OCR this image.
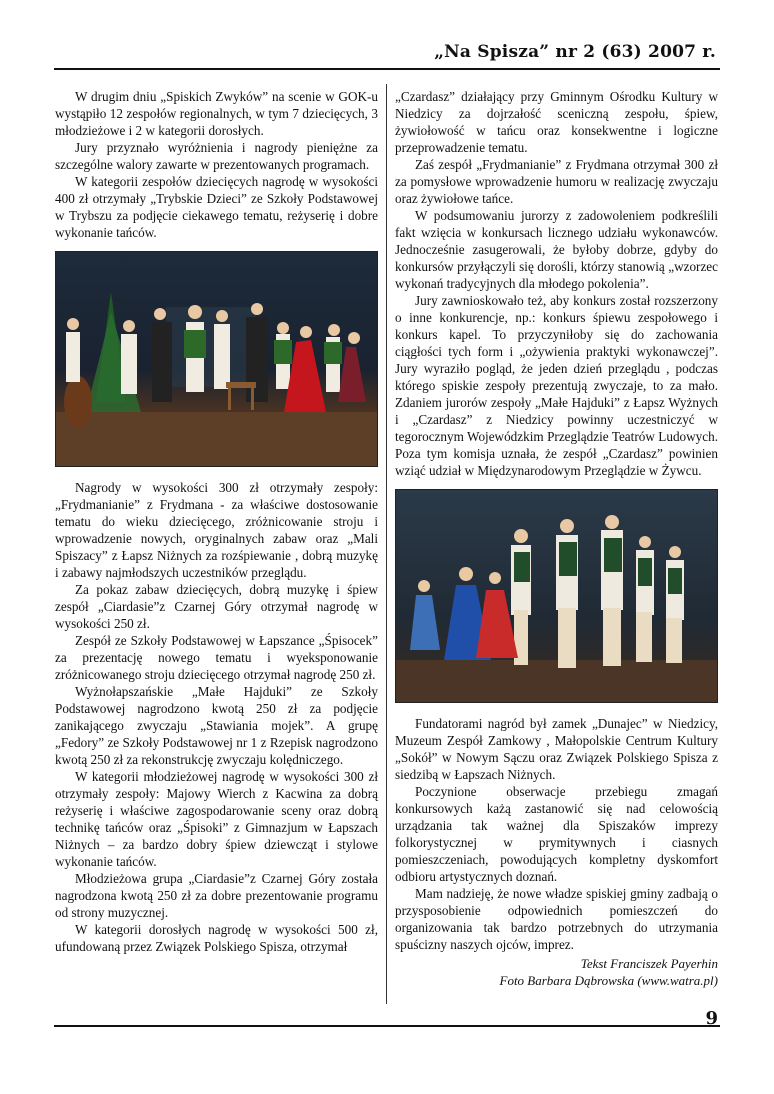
„Na Spisza” nr 2 (63) 2007 r.

W drugim dniu „Spiskich Zwyków” na scenie w GOK-u wystąpiło 12 zespołów regionalnych, w tym 7 dziecięcych, 3 młodzieżowe i 2 w kategorii dorosłych.

Jury przyznało wyróżnienia i nagrody pieniężne za szczególne walory zawarte w prezentowanych programach.

W kategorii zespołów dziecięcych nagrodę w wysokości 400 zł otrzymały „Trybskie Dzieci” ze Szkoły Podstawowej w Trybszu za podjęcie ciekawego tematu, reżyserię i dobre wykonanie tańców.

Nagrody w wysokości 300 zł otrzymały zespoły: „Frydmanianie” z Frydmana - za właściwe dostosowanie tematu do wieku dziecięcego, zróżnicowanie stroju i wprowadzenie nowych, oryginalnych zabaw oraz „Mali Spiszacy” z Łapsz Niżnych za rozśpiewanie , dobrą muzykę i zabawy najmłodszych uczestników przeglądu.

Za pokaz zabaw dziecięcych, dobrą muzykę i śpiew zespół „Ciardasie”z Czarnej Góry otrzymał nagrodę w wysokości 250 zł.

Zespół ze Szkoły Podstawowej w Łapszance „Śpisocek” za prezentację nowego tematu i wyeksponowanie zróżnicowanego stroju dziecięcego otrzymał nagrodę 250 zł.

Wyżnołapszańskie „Małe Hajduki” ze Szkoły Podstawowej nagrodzono kwotą 250 zł za podjęcie zanikającego zwyczaju „Stawiania mojek”. A grupę „Fedory” ze Szkoły Podstawowej nr 1 z Rzepisk nagrodzono kwotą 250 zł za rekonstrukcję zwyczaju kolędniczego.

W kategorii młodzieżowej nagrodę w wysokości 300 zł otrzymały zespoły: Majowy Wierch z Kacwina za dobrą reżyserię i właściwe zagospodarowanie sceny oraz dobrą technikę tańców oraz „Śpisoki” z Gimnazjum w Łapszach Niżnych – za bardzo dobry śpiew dziewcząt i stylowe wykonanie tańców.

Młodzieżowa grupa „Ciardasie”z Czarnej Góry została nagrodzona kwotą 250 zł za dobre prezentowanie programu od strony muzycznej.

W kategorii dorosłych nagrodę w wysokości 500 zł, ufundowaną przez Związek Polskiego Spisza, otrzymał

„Czardasz” działający przy Gminnym Ośrodku Kultury w Niedzicy za dojrzałość sceniczną zespołu, śpiew, żywiołowość w tańcu oraz konsekwentne i logiczne przeprowadzenie tematu.

Zaś zespół „Frydmanianie” z Frydmana otrzymał 300 zł za pomysłowe wprowadzenie humoru w realizację zwyczaju oraz żywiołowe tańce.

W podsumowaniu jurorzy z zadowoleniem podkreślili fakt wzięcia w konkursach licznego udziału wykonawców. Jednocześnie zasugerowali, że byłoby dobrze, gdyby do konkursów przyłączyli się dorośli, którzy stanowią „wzorzec wykonań tradycyjnych dla młodego pokolenia”.

Jury zawnioskowało też, aby konkurs został rozszerzony o inne konkurencje, np.: konkurs śpiewu zespołowego i konkurs kapel. To przyczyniłoby się do zachowania ciągłości tych form i „ożywienia praktyki wykonawczej”. Jury wyraziło pogląd, że jeden dzień przeglądu , podczas którego spiskie zespoły prezentują zwyczaje, to za mało. Zdaniem jurorów zespoły „Małe Hajduki” z Łapsz Wyżnych i „Czardasz” z Niedzicy powinny uczestniczyć w tegorocznym Wojewódzkim Przeglądzie Teatrów Ludowych. Poza tym komisja uznała, że zespół „Czardasz” powinien wziąć udział w Międzynarodowym Przeglądzie w Żywcu.

Fundatorami nagród był zamek „Dunajec” w Niedzicy, Muzeum Zespół Zamkowy , Małopolskie Centrum Kultury „Sokół” w Nowym Sączu oraz Związek Polskiego Spisza z siedzibą w Łapszach Niżnych.

Poczynione obserwacje przebiegu zmagań konkursowych każą zastanowić się nad celowością urządzania tak ważnej dla Spiszaków imprezy folkorystycznej w prymitywnych i ciasnych pomieszczeniach, powodujących kompletny dyskomfort odbioru artystycznych doznań.

Mam nadzieję, że nowe władze spiskiej gminy zadbają o przysposobienie odpowiednich pomieszczeń do organizowania tak bardzo potrzebnych do utrzymania spuścizny naszych ojców, imprez.

Tekst Franciszek Payerhin
Foto Barbara Dąbrowska (www.watra.pl)
9
